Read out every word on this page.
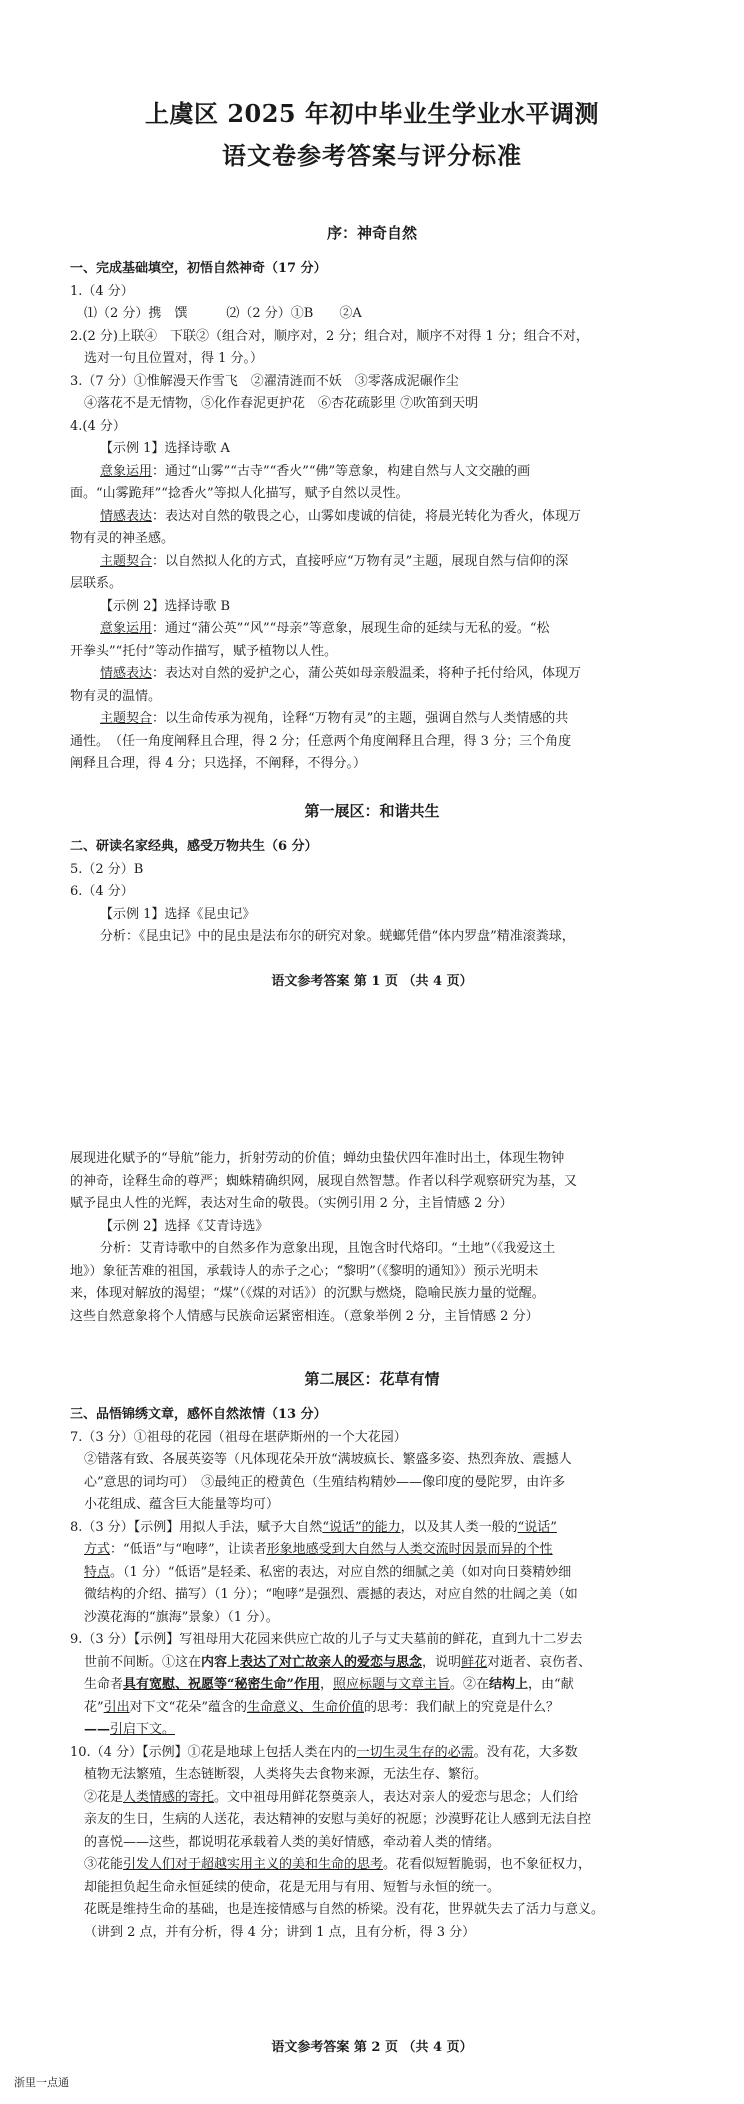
上虞区 2025 年初中毕业生学业水平调测
语文卷参考答案与评分标准
序：神奇自然

一、完成基础填空，初悟自然神奇（17 分）

1.（4 分）

⑴（2 分）携　馔　　　⑵（2 分）①B　　②A

2.(2 分)上联④　下联②（组合对，顺序对，2 分；组合对，顺序不对得 1 分；组合不对，

选对一句且位置对，得 1 分。）

3.（7 分）①惟解漫天作雪飞　②濯清涟而不妖　③零落成泥碾作尘

④落花不是无情物，⑤化作春泥更护花　⑥杏花疏影里 ⑦吹笛到天明

4.(4 分）

【示例 1】选择诗歌 A

意象运用：通过“山雾”“古寺”“香火”“佛”等意象，构建自然与人文交融的画

面。“山雾跪拜”“捻香火”等拟人化描写，赋予自然以灵性。

情感表达：表达对自然的敬畏之心，山雾如虔诚的信徒，将晨光转化为香火，体现万

物有灵的神圣感。

主题契合：以自然拟人化的方式，直接呼应“万物有灵”主题，展现自然与信仰的深

层联系。

【示例 2】选择诗歌 B

意象运用：通过“蒲公英”“风”“母亲”等意象，展现生命的延续与无私的爱。“松

开拳头”“托付”等动作描写，赋予植物以人性。

情感表达：表达对自然的爱护之心，蒲公英如母亲般温柔，将种子托付给风，体现万

物有灵的温情。

主题契合：以生命传承为视角，诠释“万物有灵”的主题，强调自然与人类情感的共

通性。　（任一角度阐释且合理，得 2 分；任意两个角度阐释且合理，得 3 分；三个角度

阐释且合理，得 4 分；只选择，不阐释，不得分。）

第一展区：和谐共生

二、研读名家经典，感受万物共生（6 分）

5.（2 分）B

6.（4 分）

【示例 1】选择《昆虫记》

分析：《昆虫记》中的昆虫是法布尔的研究对象。蜣螂凭借“体内罗盘”精准滚粪球，

语文参考答案 第 1 页 （共 4 页）

展现进化赋予的“导航”能力，折射劳动的价值；蝉幼虫蛰伏四年准时出土，体现生物钟

的神奇，诠释生命的尊严；蜘蛛精确织网，展现自然智慧。作者以科学观察研究为基，又

赋予昆虫人性的光辉，表达对生命的敬畏。（实例引用 2 分，主旨情感 2 分）

【示例 2】选择《艾青诗选》

分析：艾青诗歌中的自然多作为意象出现，且饱含时代烙印。“土地”（《我爱这土

地》）象征苦难的祖国，承载诗人的赤子之心；“黎明”（《黎明的通知》）预示光明未

来，体现对解放的渴望；“煤”（《煤的对话》）的沉默与燃烧，隐喻民族力量的觉醒。

这些自然意象将个人情感与民族命运紧密相连。（意象举例 2 分，主旨情感 2 分）

第二展区：花草有情

三、品悟锦绣文章，感怀自然浓情（13 分）

7.（3 分）①祖母的花园（祖母在堪萨斯州的一个大花园）

②错落有致、各展英姿等（凡体现花朵开放“满坡疯长、繁盛多姿、热烈奔放、震撼人

心”意思的词均可）　③最纯正的橙黄色（生殖结构精妙——像印度的曼陀罗，由许多

小花组成、蕴含巨大能量等均可）

8.（3 分）【示例】用拟人手法，赋予大自然“说话”的能力，以及其人类一般的“说话”

方式：“低语”与“咆哮”，让读者形象地感受到大自然与人类交流时因景而异的个性

特点。（1 分）“低语”是轻柔、私密的表达，对应自然的细腻之美（如对向日葵精妙细

微结构的介绍、描写）（1 分）；“咆哮”是强烈、震撼的表达，对应自然的壮阔之美（如

沙漠花海的“旗海”景象）（1 分）。

9.（3 分）【示例】写祖母用大花园来供应亡故的儿子与丈夫墓前的鲜花，直到九十二岁去

世前不间断。①这在内容上表达了对亡故亲人的爱恋与思念，说明鲜花对逝者、哀伤者、

生命者具有宽慰、祝愿等“秘密生命”作用，照应标题与文章主旨。②在结构上，由“献

花”引出对下文“花朵”蕴含的生命意义、生命价值的思考：我们献上的究竟是什么？

——引启下文。

10.（4 分）【示例】①花是地球上包括人类在内的一切生灵生存的必需。没有花，大多数

植物无法繁殖，生态链断裂，人类将失去食物来源，无法生存、繁衍。

②花是人类情感的寄托。文中祖母用鲜花祭奠亲人，表达对亲人的爱恋与思念；人们给

亲友的生日，生病的人送花，表达精神的安慰与美好的祝愿；沙漠野花让人感到无法自控

的喜悦——这些，都说明花承载着人类的美好情感，牵动着人类的情绪。

③花能引发人们对于超越实用主义的美和生命的思考。花看似短暂脆弱，也不象征权力，

却能担负起生命永恒延续的使命，花是无用与有用、短暂与永恒的统一。

花既是维持生命的基础，也是连接情感与自然的桥梁。没有花，世界就失去了活力与意义。

（讲到 2 点，并有分析，得 4 分；讲到 1 点，且有分析，得 3 分）

语文参考答案 第 2 页 （共 4 页）
浙里一点通
